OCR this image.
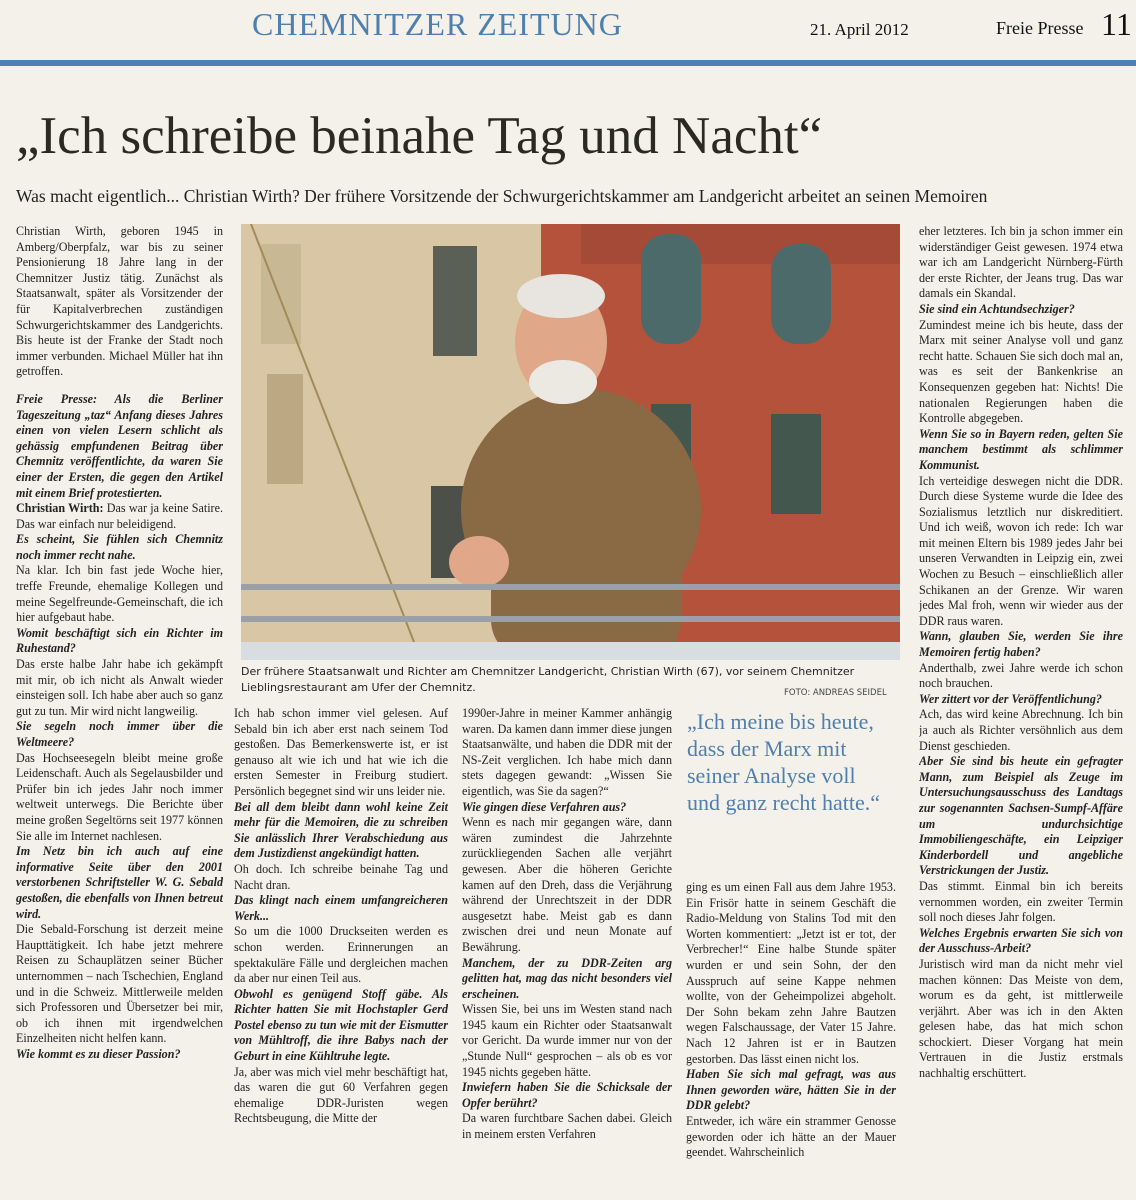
CHEMNITZER ZEITUNG	21. April 2012	Freie Presse 11
„Ich schreibe beinahe Tag und Nacht“
Was macht eigentlich... Christian Wirth? Der frühere Vorsitzende der Schwurgerichtskammer am Landgericht arbeitet an seinen Memoiren

Christian Wirth, geboren 1945 in Amberg/Oberpfalz, war bis zu seiner Pensionierung 18 Jahre lang in der Chemnitzer Justiz tätig. Zunächst als Staatsanwalt, später als Vorsitzender der für Kapitalverbrechen zuständigen Schwurgerichtskammer des Landgerichts. Bis heute ist der Franke der Stadt noch immer verbunden. Michael Müller hat ihn getroffen.

Freie Presse: Als die Berliner Tageszeitung „taz“ Anfang dieses Jahres einen von vielen Lesern schlicht als gehässig empfundenen Beitrag über Chemnitz veröffentlichte, da waren Sie einer der Ersten, die gegen den Artikel mit einem Brief protestierten.

Christian Wirth: Das war ja keine Satire. Das war einfach nur beleidigend.

Es scheint, Sie fühlen sich Chemnitz noch immer recht nahe.

Na klar. Ich bin fast jede Woche hier, treffe Freunde, ehemalige Kollegen und meine Segelfreunde-Gemeinschaft, die ich hier aufgebaut habe.

Womit beschäftigt sich ein Richter im Ruhestand?

Das erste halbe Jahr habe ich gekämpft mit mir, ob ich nicht als Anwalt wieder einsteigen soll. Ich habe aber auch so ganz gut zu tun. Mir wird nicht langweilig.

Sie segeln noch immer über die Weltmeere?

Das Hochseesegeln bleibt meine große Leidenschaft. Auch als Segelausbilder und Prüfer bin ich jedes Jahr noch immer weltweit unterwegs. Die Berichte über meine großen Segeltörns seit 1977 können Sie alle im Internet nachlesen.

Im Netz bin ich auch auf eine informative Seite über den 2001 verstorbenen Schriftsteller W. G. Sebald gestoßen, die ebenfalls von Ihnen betreut wird.

Die Sebald-Forschung ist derzeit meine Haupttätigkeit. Ich habe jetzt mehrere Reisen zu Schauplätzen seiner Bücher unternommen – nach Tschechien, England und in die Schweiz. Mittlerweile melden sich Professoren und Übersetzer bei mir, ob ich ihnen mit irgendwelchen Einzelheiten nicht helfen kann.

Wie kommt es zu dieser Passion?

Der frühere Staatsanwalt und Richter am Chemnitzer Landgericht, Christian Wirth (67), vor seinem Chemnitzer Lieblingsrestaurant am Ufer der Chemnitz.	FOTO: ANDREAS SEIDEL

Ich hab schon immer viel gelesen. Auf Sebald bin ich aber erst nach seinem Tod gestoßen. Das Bemerkenswerte ist, er ist genauso alt wie ich und hat wie ich die ersten Semester in Freiburg studiert. Persönlich begegnet sind wir uns leider nie.

Bei all dem bleibt dann wohl keine Zeit mehr für die Memoiren, die zu schreiben Sie anlässlich Ihrer Verabschiedung aus dem Justizdienst angekündigt hatten.

Oh doch. Ich schreibe beinahe Tag und Nacht dran.

Das klingt nach einem umfangreicheren Werk...

So um die 1000 Druckseiten werden es schon werden. Erinnerungen an spektakuläre Fälle und dergleichen machen da aber nur einen Teil aus.

Obwohl es genügend Stoff gäbe. Als Richter hatten Sie mit Hochstapler Gerd Postel ebenso zu tun wie mit der Eismutter von Mühltroff, die ihre Babys nach der Geburt in eine Kühltruhe legte.

Ja, aber was mich viel mehr beschäftigt hat, das waren die gut 60 Verfahren gegen ehemalige DDR-Juristen wegen Rechtsbeugung, die Mitte der

1990er-Jahre in meiner Kammer anhängig waren. Da kamen dann immer diese jungen Staatsanwälte, und haben die DDR mit der NS-Zeit verglichen. Ich habe mich dann stets dagegen gewandt: „Wissen Sie eigentlich, was Sie da sagen?“

Wie gingen diese Verfahren aus?

Wenn es nach mir gegangen wäre, dann wären zumindest die Jahrzehnte zurückliegenden Sachen alle verjährt gewesen. Aber die höheren Gerichte kamen auf den Dreh, dass die Verjährung während der Unrechtszeit in der DDR ausgesetzt habe. Meist gab es dann zwischen drei und neun Monate auf Bewährung.

Manchem, der zu DDR-Zeiten arg gelitten hat, mag das nicht besonders viel erscheinen.

Wissen Sie, bei uns im Westen stand nach 1945 kaum ein Richter oder Staatsanwalt vor Gericht. Da wurde immer nur von der „Stunde Null“ gesprochen – als ob es vor 1945 nichts gegeben hätte.

Inwiefern haben Sie die Schicksale der Opfer berührt?

Da waren furchtbare Sachen dabei. Gleich in meinem ersten Verfahren

„Ich meine bis heute, dass der Marx mit seiner Analyse voll und ganz recht hatte.“

ging es um einen Fall aus dem Jahre 1953. Ein Frisör hatte in seinem Geschäft die Radio-Meldung von Stalins Tod mit den Worten kommentiert: „Jetzt ist er tot, der Verbrecher!“ Eine halbe Stunde später wurden er und sein Sohn, der den Ausspruch auf seine Kappe nehmen wollte, von der Geheimpolizei abgeholt. Der Sohn bekam zehn Jahre Bautzen wegen Falschaussage, der Vater 15 Jahre. Nach 12 Jahren ist er in Bautzen gestorben. Das lässt einen nicht los.

Haben Sie sich mal gefragt, was aus Ihnen geworden wäre, hätten Sie in der DDR gelebt?

Entweder, ich wäre ein strammer Genosse geworden oder ich hätte an der Mauer geendet. Wahrscheinlich

eher letzteres. Ich bin ja schon immer ein widerständiger Geist gewesen. 1974 etwa war ich am Landgericht Nürnberg-Fürth der erste Richter, der Jeans trug. Das war damals ein Skandal.

Sie sind ein Achtundsechziger?

Zumindest meine ich bis heute, dass der Marx mit seiner Analyse voll und ganz recht hatte. Schauen Sie sich doch mal an, was es seit der Bankenkrise an Konsequenzen gegeben hat: Nichts! Die nationalen Regierungen haben die Kontrolle abgegeben.

Wenn Sie so in Bayern reden, gelten Sie manchem bestimmt als schlimmer Kommunist.

Ich verteidige deswegen nicht die DDR. Durch diese Systeme wurde die Idee des Sozialismus letztlich nur diskreditiert. Und ich weiß, wovon ich rede: Ich war mit meinen Eltern bis 1989 jedes Jahr bei unseren Verwandten in Leipzig ein, zwei Wochen zu Besuch – einschließlich aller Schikanen an der Grenze. Wir waren jedes Mal froh, wenn wir wieder aus der DDR raus waren.

Wann, glauben Sie, werden Sie ihre Memoiren fertig haben?

Anderthalb, zwei Jahre werde ich schon noch brauchen.

Wer zittert vor der Veröffentlichung?

Ach, das wird keine Abrechnung. Ich bin ja auch als Richter versöhnlich aus dem Dienst geschieden.

Aber Sie sind bis heute ein gefragter Mann, zum Beispiel als Zeuge im Untersuchungsausschuss des Landtags zur sogenannten Sachsen-Sumpf-Affäre um undurchsichtige Immobiliengeschäfte, ein Leipziger Kinderbordell und angebliche Verstrickungen der Justiz.

Das stimmt. Einmal bin ich bereits vernommen worden, ein zweiter Termin soll noch dieses Jahr folgen.

Welches Ergebnis erwarten Sie sich von der Ausschuss-Arbeit?

Juristisch wird man da nicht mehr viel machen können: Das Meiste von dem, worum es da geht, ist mittlerweile verjährt. Aber was ich in den Akten gelesen habe, das hat mich schon schockiert. Dieser Vorgang hat mein Vertrauen in die Justiz erstmals nachhaltig erschüttert.
